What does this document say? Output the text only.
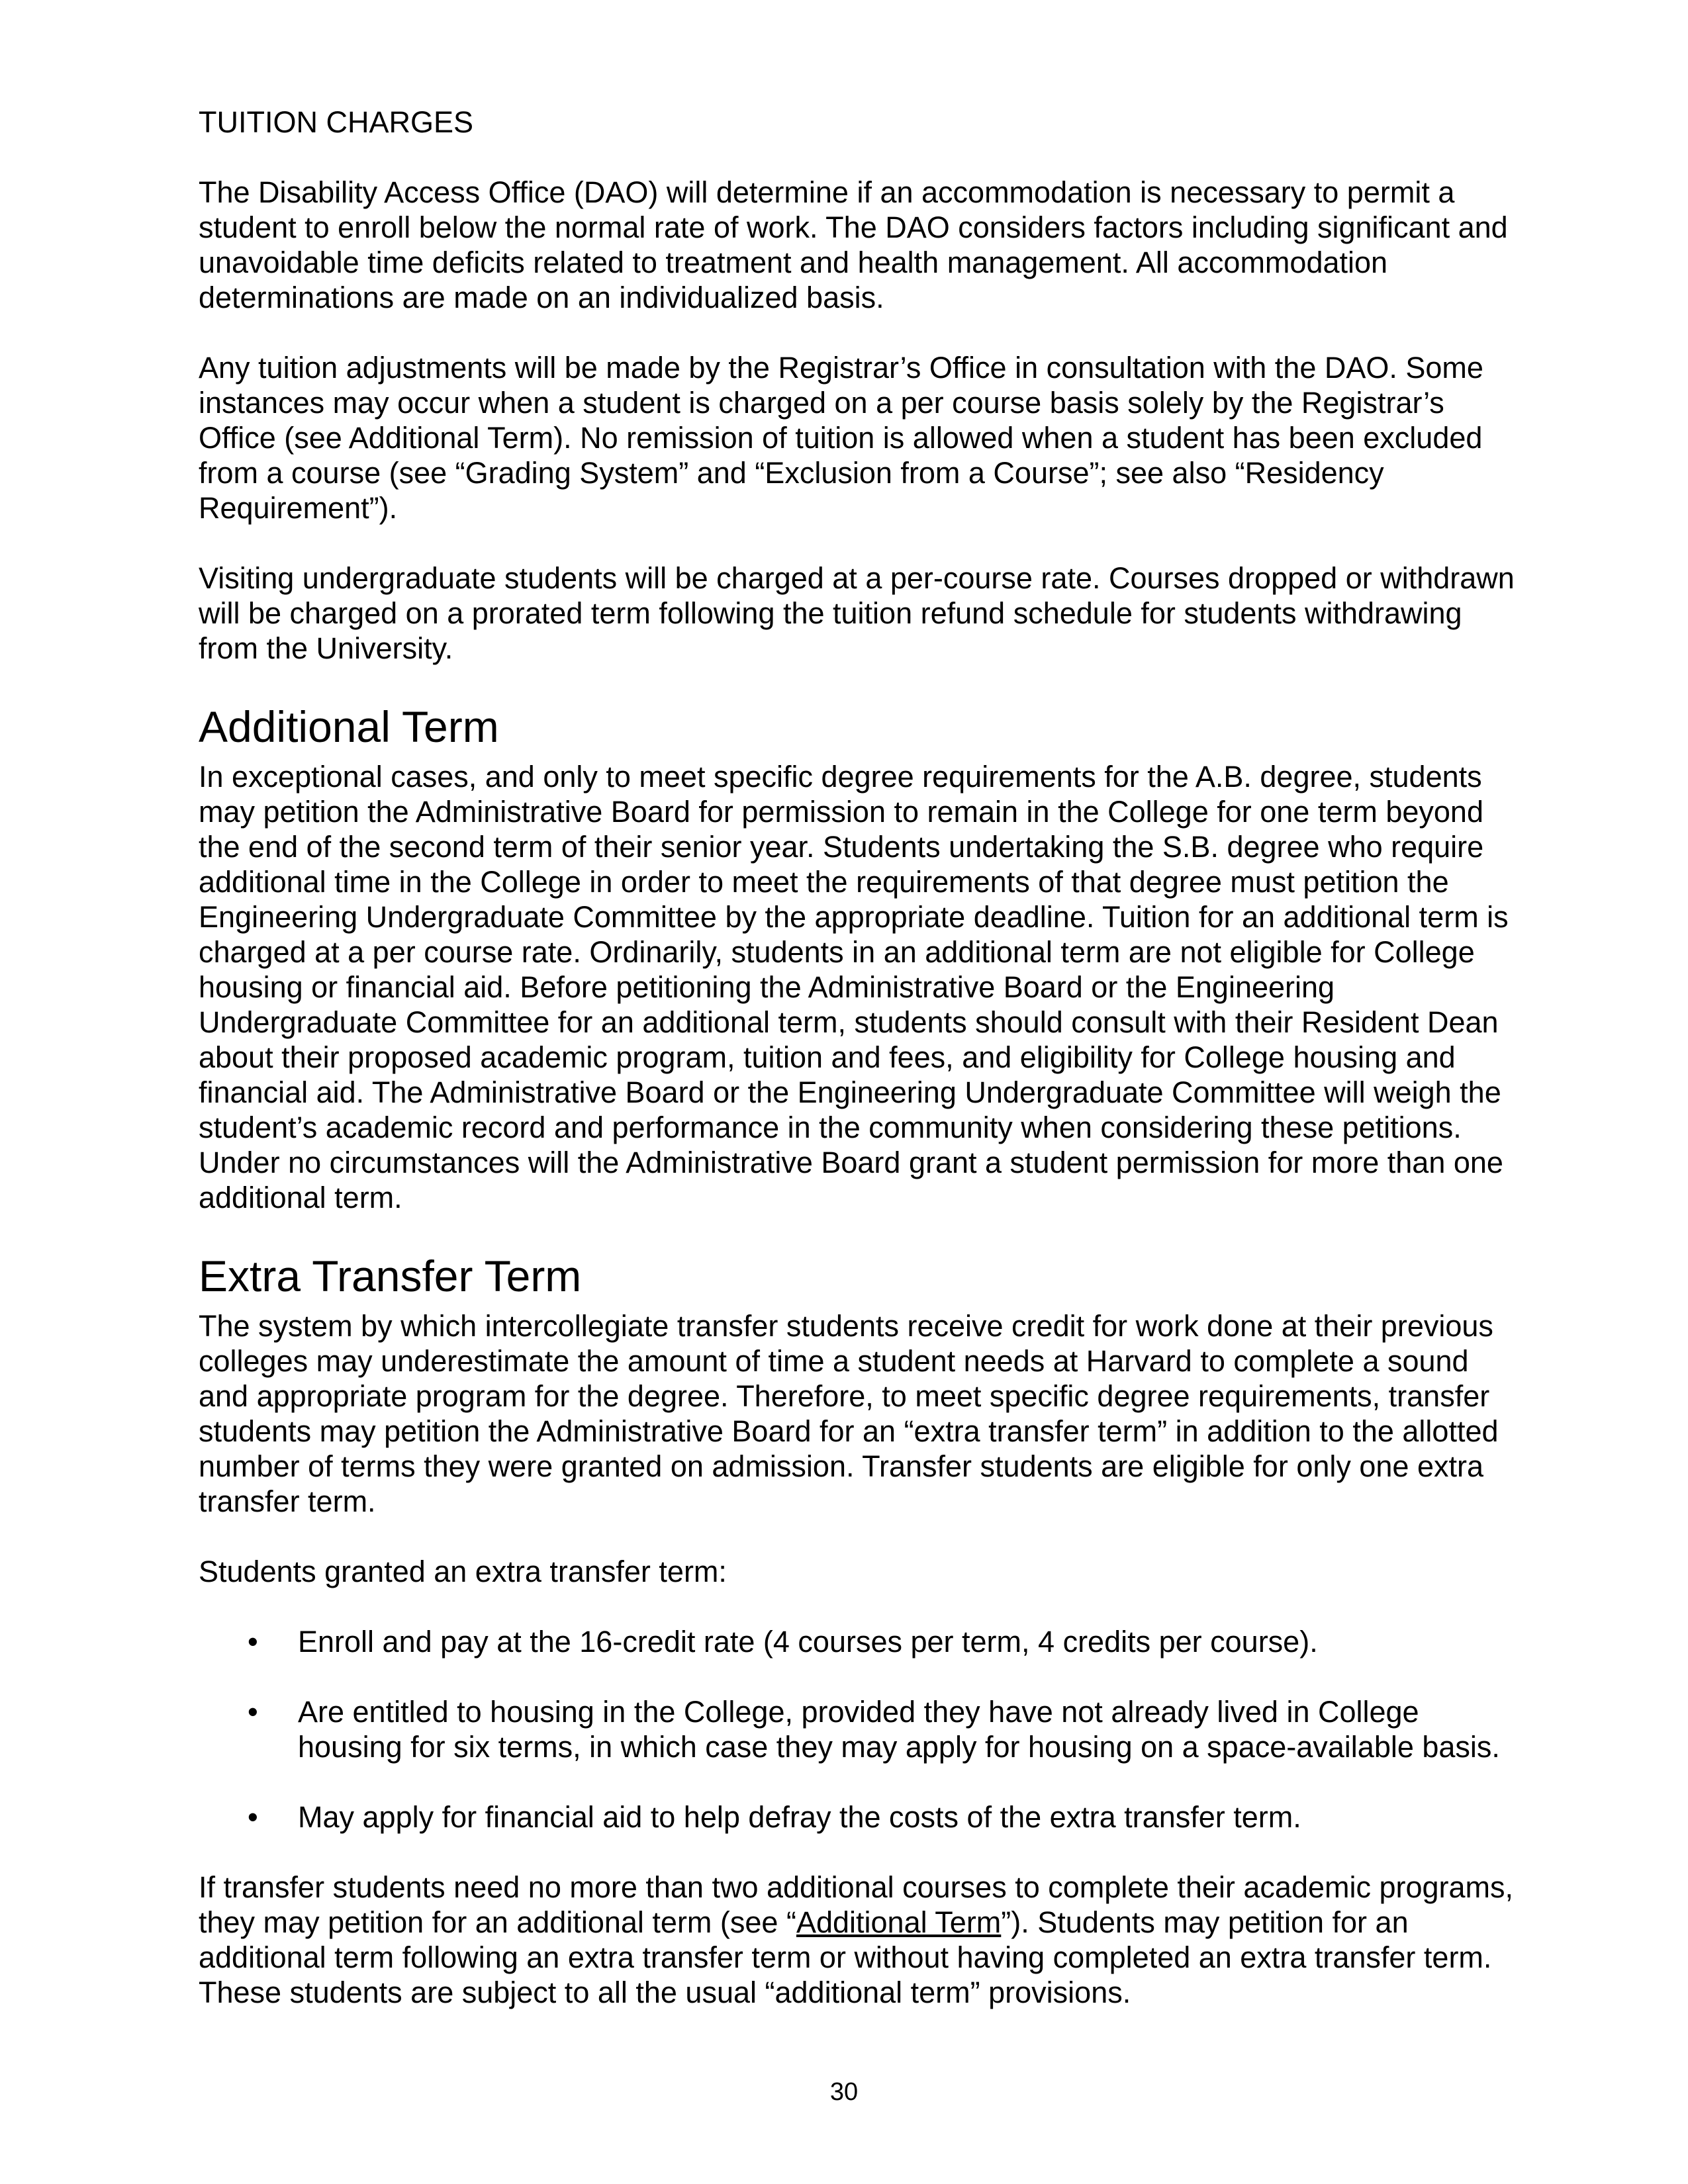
TUITION CHARGES

The Disability Access Office (DAO) will determine if an accommodation is necessary to permit a student to enroll below the normal rate of work. The DAO considers factors including significant and unavoidable time deficits related to treatment and health management. All accommodation determinations are made on an individualized basis.

Any tuition adjustments will be made by the Registrar’s Office in consultation with the DAO. Some instances may occur when a student is charged on a per course basis solely by the Registrar’s Office (see Additional Term). No remission of tuition is allowed when a student has been excluded from a course (see “Grading System” and “Exclusion from a Course”; see also “Residency Requirement”).

Visiting undergraduate students will be charged at a per-course rate. Courses dropped or withdrawn will be charged on a prorated term following the tuition refund schedule for students withdrawing from the University.

Additional Term

In exceptional cases, and only to meet specific degree requirements for the A.B. degree, students may petition the Administrative Board for permission to remain in the College for one term beyond the end of the second term of their senior year. Students undertaking the S.B. degree who require additional time in the College in order to meet the requirements of that degree must petition the Engineering Undergraduate Committee by the appropriate deadline. Tuition for an additional term is charged at a per course rate. Ordinarily, students in an additional term are not eligible for College housing or financial aid. Before petitioning the Administrative Board or the Engineering Undergraduate Committee for an additional term, students should consult with their Resident Dean about their proposed academic program, tuition and fees, and eligibility for College housing and financial aid. The Administrative Board or the Engineering Undergraduate Committee will weigh the student’s academic record and performance in the community when considering these petitions. Under no circumstances will the Administrative Board grant a student permission for more than one additional term.

Extra Transfer Term

The system by which intercollegiate transfer students receive credit for work done at their previous colleges may underestimate the amount of time a student needs at Harvard to complete a sound and appropriate program for the degree. Therefore, to meet specific degree requirements, transfer students may petition the Administrative Board for an “extra transfer term” in addition to the allotted number of terms they were granted on admission. Transfer students are eligible for only one extra transfer term.

Students granted an extra transfer term:

• Enroll and pay at the 16-credit rate (4 courses per term, 4 credits per course).
• Are entitled to housing in the College, provided they have not already lived in College housing for six terms, in which case they may apply for housing on a space-available basis.
• May apply for financial aid to help defray the costs of the extra transfer term.

If transfer students need no more than two additional courses to complete their academic programs, they may petition for an additional term (see “Additional Term”). Students may petition for an additional term following an extra transfer term or without having completed an extra transfer term. These students are subject to all the usual “additional term” provisions.

30
